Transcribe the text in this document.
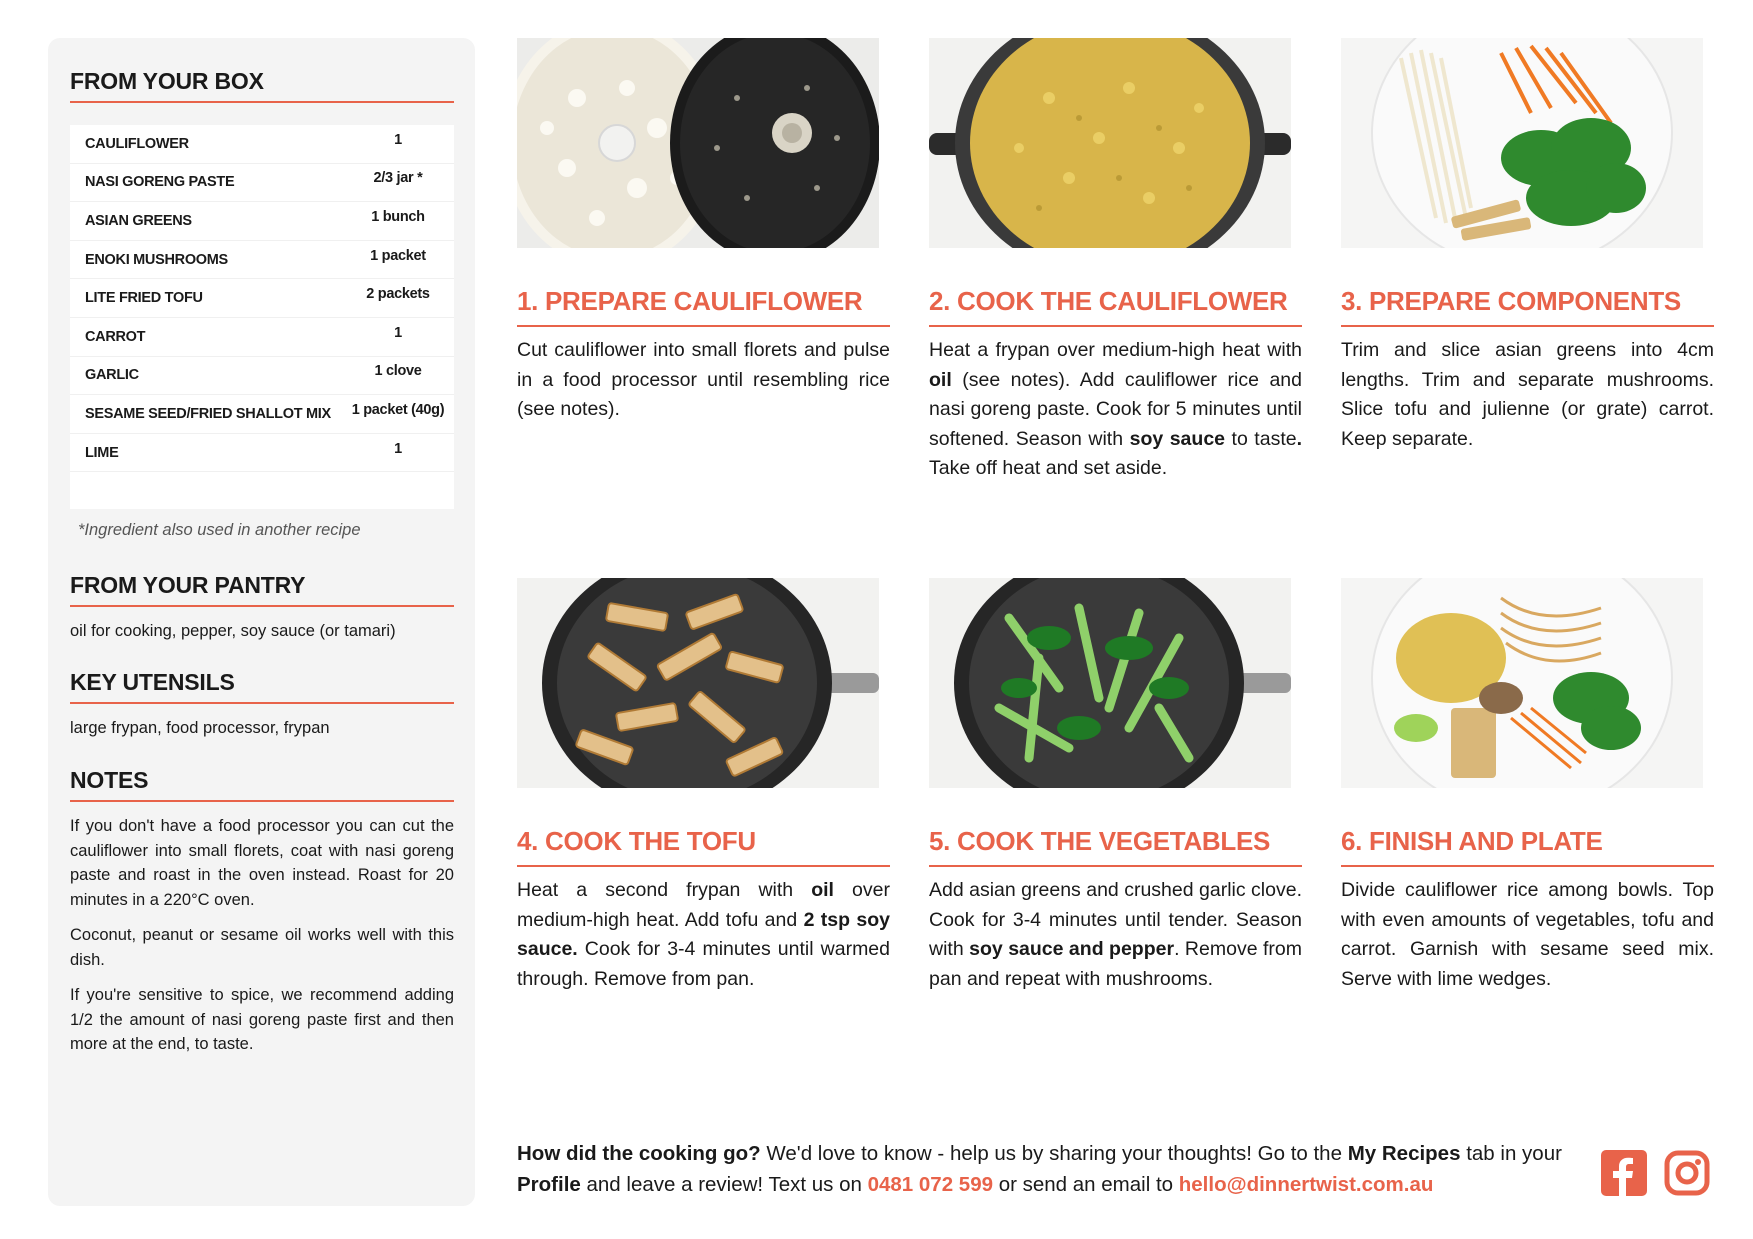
FROM YOUR BOX
CAULIFLOWER	1
NASI GORENG PASTE	2/3 jar *
ASIAN GREENS	1 bunch
ENOKI MUSHROOMS	1 packet
LITE FRIED TOFU	2 packets
CARROT	1
GARLIC	1 clove
SESAME SEED/FRIED SHALLOT MIX	1 packet (40g)
LIME	1
*Ingredient also used in another recipe
FROM YOUR PANTRY
oil for cooking, pepper, soy sauce (or tamari)
KEY UTENSILS
large frypan, food processor, frypan
NOTES

If you don't have a food processor you can cut the cauliflower into small florets, coat with nasi goreng paste and roast in the oven instead. Roast for 20 minutes in a 220°C oven.

Coconut, peanut or sesame oil works well with this dish.

If you're sensitive to spice, we recommend adding 1/2 the amount of nasi goreng paste first and then more at the end, to taste.

1. PREPARE CAULIFLOWER
Cut cauliflower into small florets and pulse in a food processor until resembling rice (see notes).
2. COOK THE CAULIFLOWER
Heat a frypan over medium-high heat with oil (see notes). Add cauliflower rice and nasi goreng paste. Cook for 5 minutes until softened. Season with soy sauce to taste. Take off heat and set aside.
3. PREPARE COMPONENTS
Trim and slice asian greens into 4cm lengths. Trim and separate mushrooms. Slice tofu and julienne (or grate) carrot. Keep separate.
4. COOK THE TOFU
Heat a second frypan with oil over medium-high heat. Add tofu and 2 tsp soy sauce. Cook for 3-4 minutes until warmed through. Remove from pan.
5. COOK THE VEGETABLES
Add asian greens and crushed garlic clove. Cook for 3-4 minutes until tender. Season with soy sauce and pepper. Remove from pan and repeat with mushrooms.
6. FINISH AND PLATE
Divide cauliflower rice among bowls. Top with even amounts of vegetables, tofu and carrot. Garnish with sesame seed mix. Serve with lime wedges.
How did the cooking go? We'd love to know - help us by sharing your thoughts! Go to the My Recipes tab in your
Profile and leave a review! Text us on 0481 072 599 or send an email to hello@dinnertwist.com.au
